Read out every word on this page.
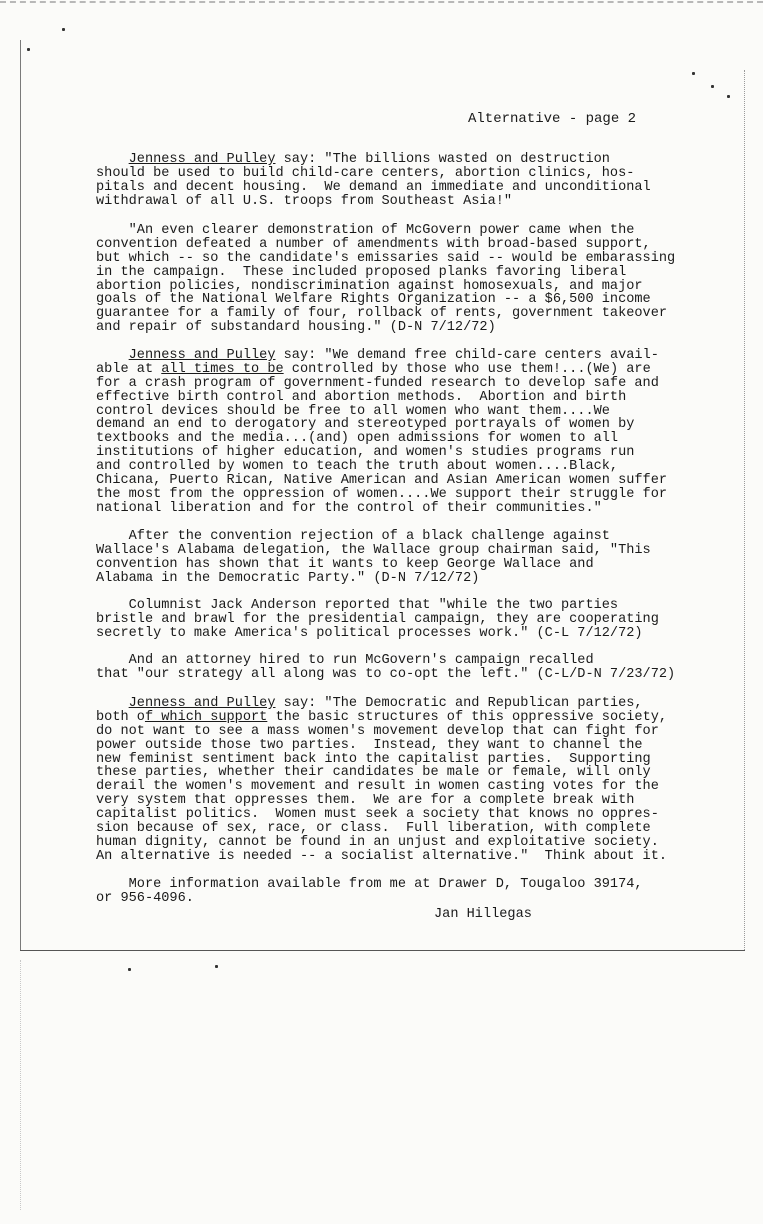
Alternative - page 2
Jenness and Pulley say: "The billions wasted on destruction
should be used to build child-care centers, abortion clinics, hos-
pitals and decent housing.  We demand an immediate and unconditional
withdrawal of all U.S. troops from Southeast Asia!"
"An even clearer demonstration of McGovern power came when the
convention defeated a number of amendments with broad-based support,
but which -- so the candidate's emissaries said -- would be embarassing
in the campaign.  These included proposed planks favoring liberal
abortion policies, nondiscrimination against homosexuals, and major
goals of the National Welfare Rights Organization -- a $6,500 income
guarantee for a family of four, rollback of rents, government takeover
and repair of substandard housing." (D-N 7/12/72)
Jenness and Pulley say: "We demand free child-care centers avail-
able at all times to be controlled by those who use them!...(We) are
for a crash program of government-funded research to develop safe and
effective birth control and abortion methods.  Abortion and birth
control devices should be free to all women who want them....We
demand an end to derogatory and stereotyped portrayals of women by
textbooks and the media...(and) open admissions for women to all
institutions of higher education, and women's studies programs run
and controlled by women to teach the truth about women....Black,
Chicana, Puerto Rican, Native American and Asian American women suffer
the most from the oppression of women....We support their struggle for
national liberation and for the control of their communities."
After the convention rejection of a black challenge against
Wallace's Alabama delegation, the Wallace group chairman said, "This
convention has shown that it wants to keep George Wallace and
Alabama in the Democratic Party." (D-N 7/12/72)
Columnist Jack Anderson reported that "while the two parties
bristle and brawl for the presidential campaign, they are cooperating
secretly to make America's political processes work." (C-L 7/12/72)
And an attorney hired to run McGovern's campaign recalled
that "our strategy all along was to co-opt the left." (C-L/D-N 7/23/72)
Jenness and Pulley say: "The Democratic and Republican parties,
both of which support the basic structures of this oppressive society,
do not want to see a mass women's movement develop that can fight for
power outside those two parties.  Instead, they want to channel the
new feminist sentiment back into the capitalist parties.  Supporting
these parties, whether their candidates be male or female, will only
derail the women's movement and result in women casting votes for the
very system that oppresses them.  We are for a complete break with
capitalist politics.  Women must seek a society that knows no oppres-
sion because of sex, race, or class.  Full liberation, with complete
human dignity, cannot be found in an unjust and exploitative society.
An alternative is needed -- a socialist alternative."  Think about it.
More information available from me at Drawer D, Tougaloo 39174,
or 956-4096.
Jan Hillegas
